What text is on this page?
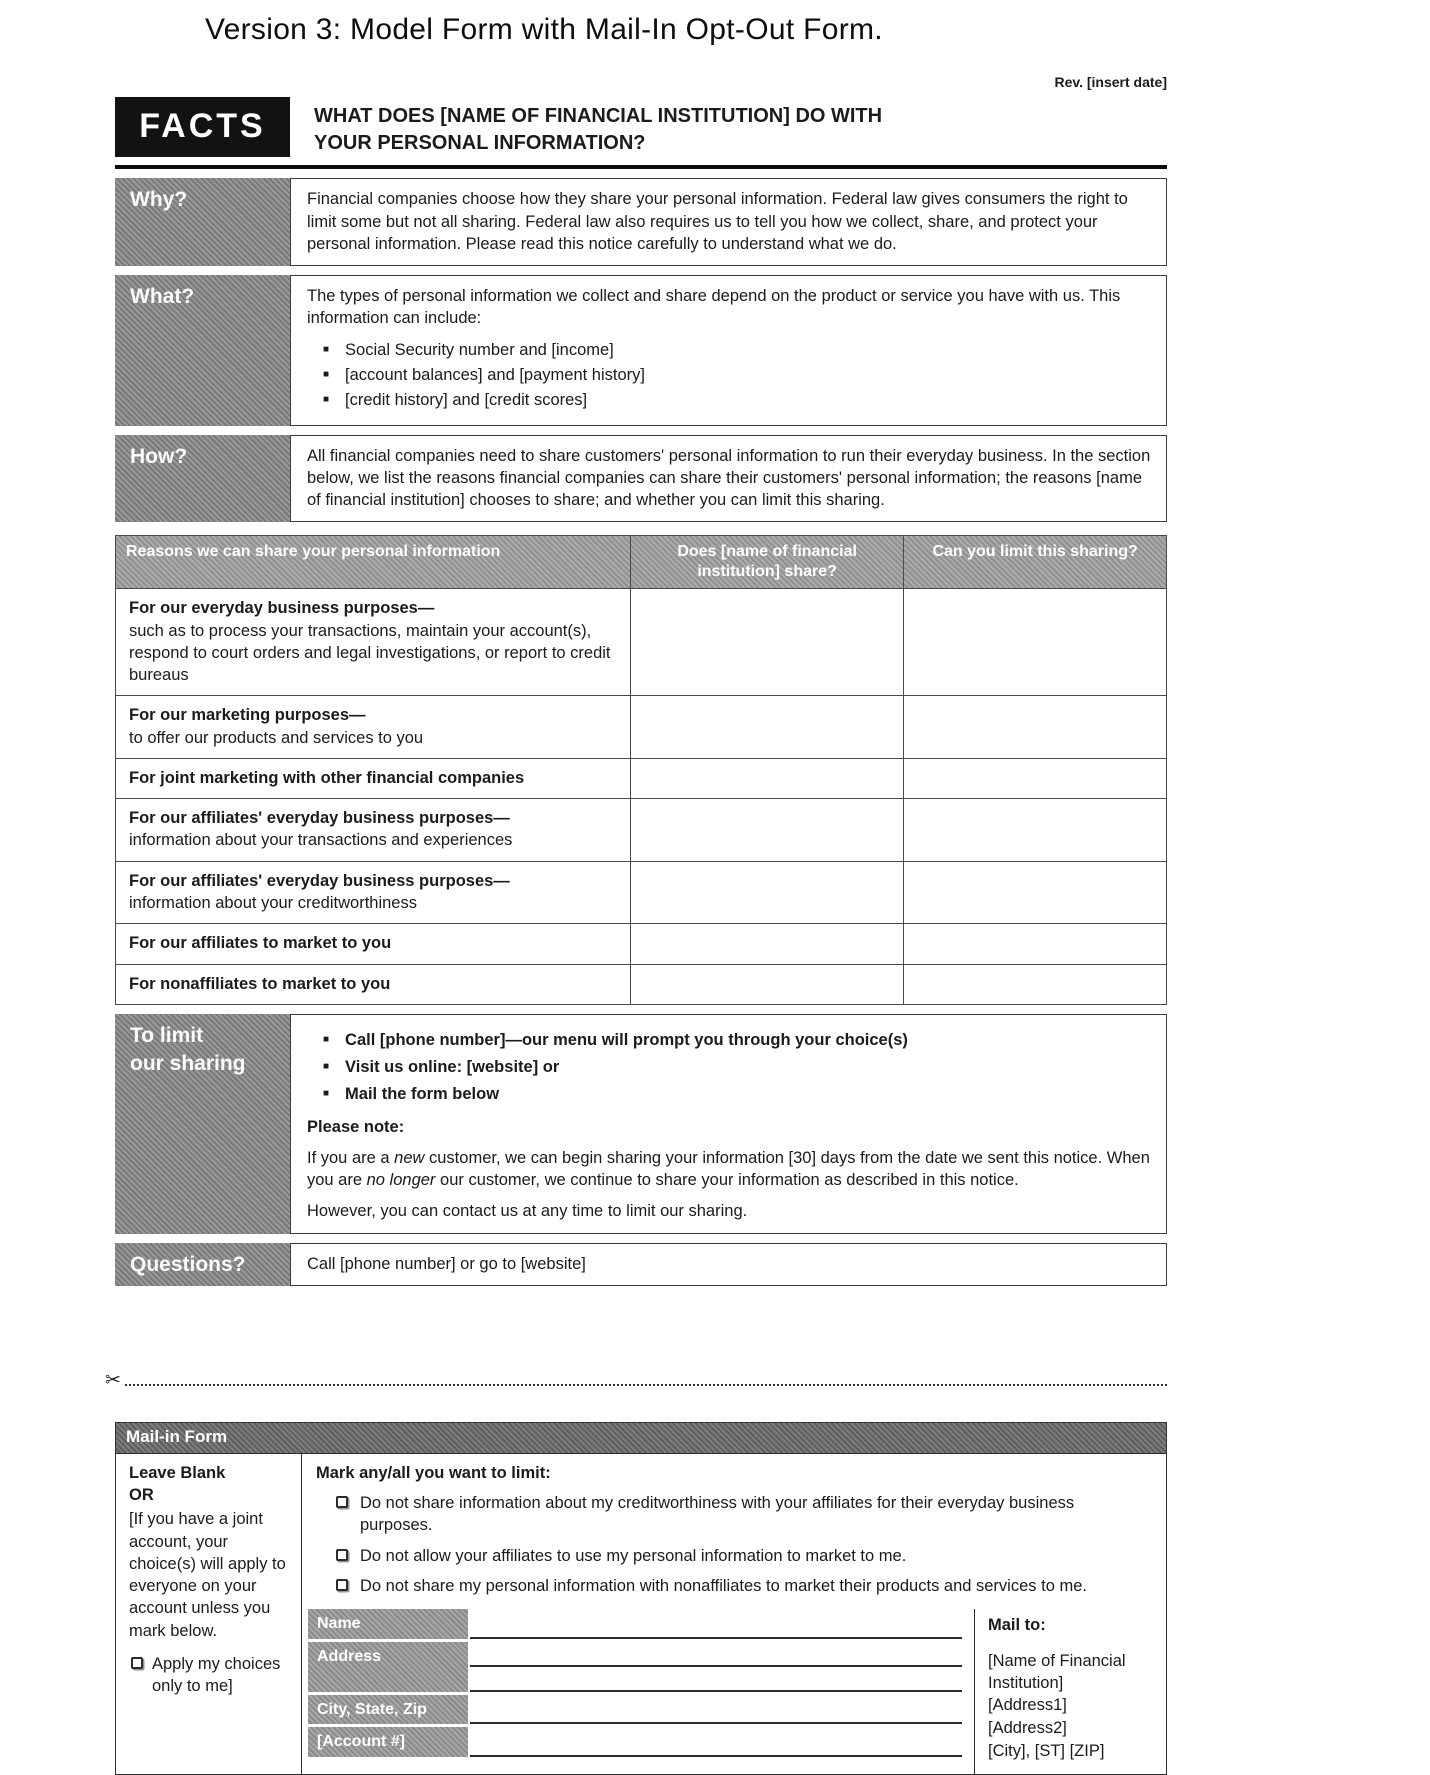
Version 3: Model Form with Mail-In Opt-Out Form.
Rev. [insert date]
FACTS	WHAT DOES [NAME OF FINANCIAL INSTITUTION] DO WITH YOUR PERSONAL INFORMATION?
Why?	Financial companies choose how they share your personal information. Federal law gives consumers the right to limit some but not all sharing. Federal law also requires us to tell you how we collect, share, and protect your personal information. Please read this notice carefully to understand what we do.
What?	The types of personal information we collect and share depend on the product or service you have with us. This information can include:
■ Social Security number and [income]
■ [account balances] and [payment history]
■ [credit history] and [credit scores]
How?	All financial companies need to share customers' personal information to run their everyday business. In the section below, we list the reasons financial companies can share their customers' personal information; the reasons [name of financial institution] chooses to share; and whether you can limit this sharing.
Reasons we can share your personal information	Does [name of financial institution] share?	Can you limit this sharing?

For our everyday business purposes—
such as to process your transactions, maintain your account(s), respond to court orders and legal investigations, or report to credit bureaus		

For our marketing purposes—
to offer our products and services to you		

For joint marketing with other financial companies		

For our affiliates' everyday business purposes—
information about your transactions and experiences		

For our affiliates' everyday business purposes—
information about your creditworthiness		

For our affiliates to market to you		

For nonaffiliates to market to you		

To limit
our sharing
■ Call [phone number]—our menu will prompt you through your choice(s)
■ Visit us online: [website] or
■ Mail the form below
Please note:
If you are a new customer, we can begin sharing your information [30] days from the date we sent this notice. When you are no longer our customer, we continue to share your information as described in this notice.
However, you can contact us at any time to limit our sharing.
Questions?	Call [phone number] or go to [website]
✂
Mail-in Form
Leave Blank
OR
[If you have a joint account, your choice(s) will apply to everyone on your account unless you mark below.
Apply my choices only to me]
Mark any/all you want to limit:
Do not share information about my creditworthiness with your affiliates for their everyday business purposes.
Do not allow your affiliates to use my personal information to market to me.
Do not share my personal information with nonaffiliates to market their products and services to me.
Name
Address
City, State, Zip
[Account #]
Mail to:
[Name of Financial Institution]
[Address1]
[Address2]
[City], [ST] [ZIP]
